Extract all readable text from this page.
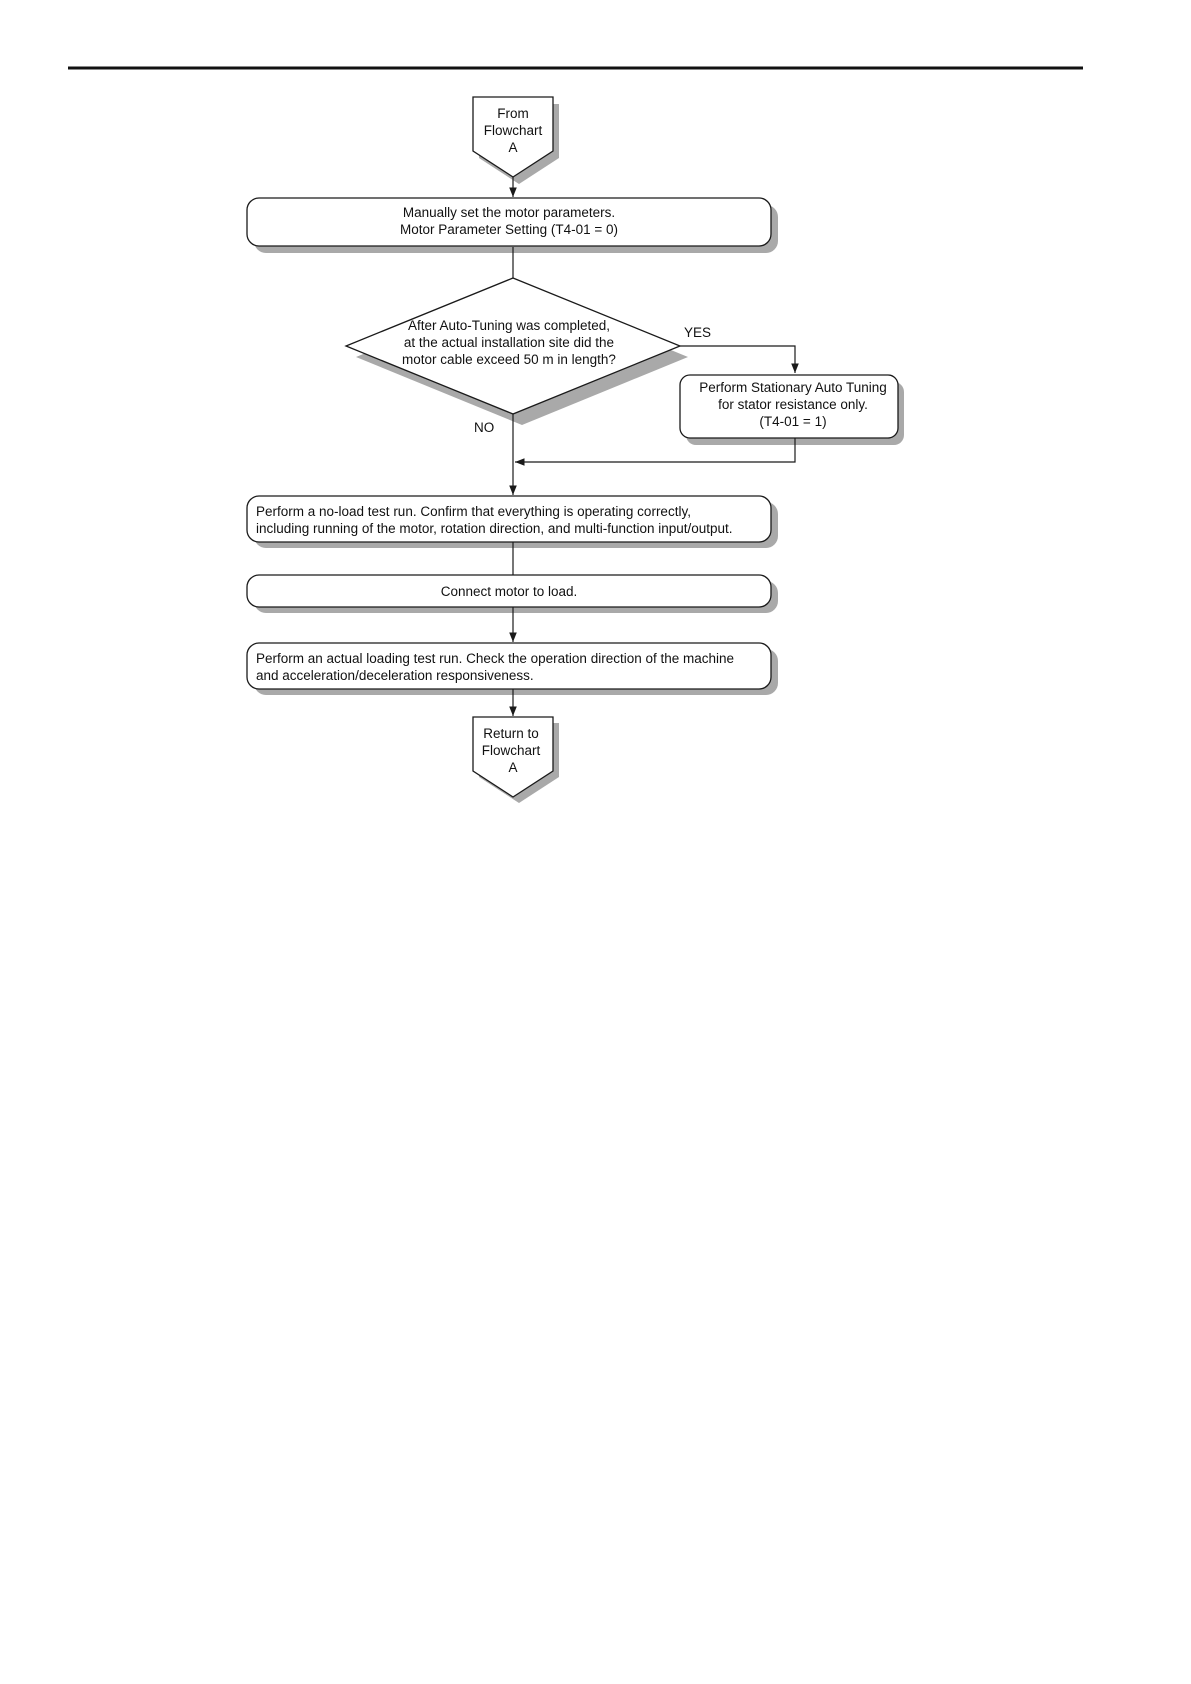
From
Flowchart
A
Manually set the motor parameters.
Motor Parameter Setting (T4-01 = 0)
After Auto-Tuning was completed,
at the actual installation site did the
motor cable exceed 50 m in length?
YES
NO
Perform Stationary Auto Tuning
for stator resistance only.
(T4-01 = 1)
Perform a no-load test run. Confirm that everything is operating correctly,
including running of the motor, rotation direction, and multi-function input/output.
Connect motor to load.
Perform an actual loading test run. Check the operation direction of the machine
and acceleration/deceleration responsiveness.
Return to
Flowchart
A
